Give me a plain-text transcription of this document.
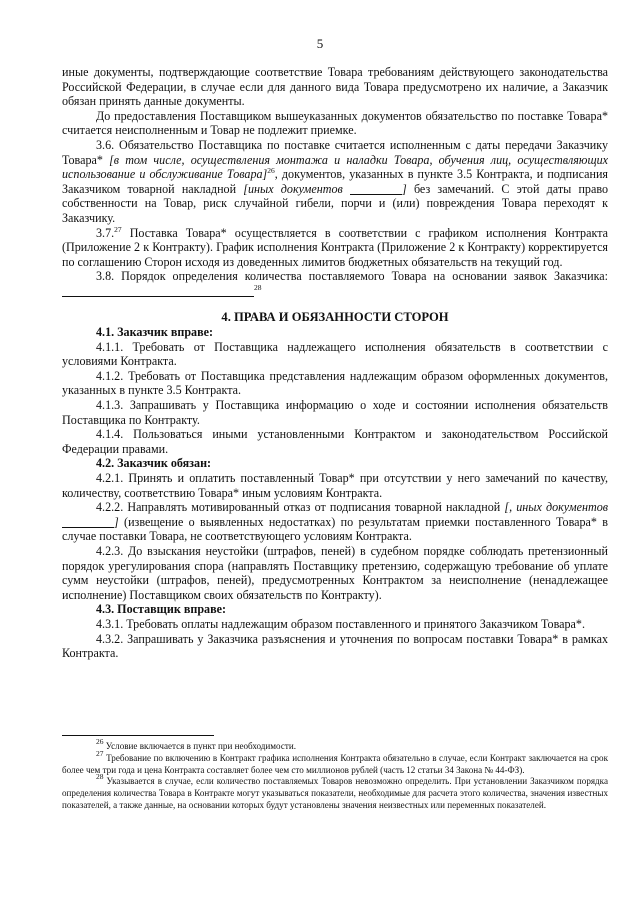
5

иные документы, подтверждающие соответствие Товара требованиям действующего законодательства Российской Федерации, в случае если для данного вида Товара предусмотрено их наличие, а Заказчик обязан принять данные документы.

До предоставления Поставщиком вышеуказанных документов обязательство по поставке Товара* считается неисполненным и Товар не подлежит приемке.

3.6. Обязательство Поставщика по поставке считается исполненным с даты передачи Заказчику Товара* [в том числе, осуществления монтажа и наладки Товара, обучения лиц, осуществляющих использование и обслуживание Товара]$^{26}$, документов, указанных в пункте 3.5 Контракта, и подписания Заказчиком товарной накладной [иных документов	] без замечаний. С этой даты право собственности на Товар, риск случайной гибели, порчи и (или) повреждения Товара переходят к Заказчику.

3.7.27 Поставка Товара* осуществляется в соответствии с графиком исполнения Контракта (Приложение 2 к Контракту). График исполнения Контракта (Приложение 2 к Контракту) корректируется по соглашению Сторон исходя из доведенных лимитов бюджетных обязательств на текущий год.

3.8. Порядок определения количества поставляемого Товара на основании заявок Заказчика: $^{28}$

4. ПРАВА И ОБЯЗАННОСТИ СТОРОН

4.1. Заказчик вправе:

4.1.1. Требовать от Поставщика надлежащего исполнения обязательств в соответствии с условиями Контракта.

4.1.2. Требовать от Поставщика представления надлежащим образом оформленных документов, указанных в пункте 3.5 Контракта.

4.1.3. Запрашивать у Поставщика информацию о ходе и состоянии исполнения обязательств Поставщика по Контракту.

4.1.4. Пользоваться иными установленными Контрактом и законодательством Российской Федерации правами.

4.2. Заказчик обязан:

4.2.1. Принять и оплатить поставленный Товар* при отсутствии у него замечаний по качеству, количеству, соответствию Товара* иным условиям Контракта.

4.2.2. Направлять мотивированный отказ от подписания товарной накладной [, иных документов] (извещение о выявленных недостатках) по результатам приемки поставленного Товара* в случае поставки Товара, не соответствующего условиям Контракта.

4.2.3. До взыскания неустойки (штрафов, пеней) в судебном порядке соблюдать претензионный порядок урегулирования спора (направлять Поставщику претензию, содержащую требование об уплате сумм неустойки (штрафов, пеней), предусмотренных Контрактом за неисполнение (ненадлежащее исполнение) Поставщиком своих обязательств по Контракту).

4.3. Поставщик вправе:

4.3.1. Требовать оплаты надлежащим образом поставленного и принятого Заказчиком Товара*.

4.3.2. Запрашивать у Заказчика разъяснения и уточнения по вопросам поставки Товара* в рамках Контракта.

$^{26}$ Условие включается в пункт при необходимости.

$^{27}$ Требование по включению в Контракт графика исполнения Контракта обязательно в случае, если Контракт заключается на срок более чем три года и цена Контракта составляет более чем сто миллионов рублей (часть 12 статьи 34 Закона № 44-ФЗ).

$^{28}$ Указывается в случае, если количество поставляемых Товаров невозможно определить. При установлении Заказчиком порядка определения количества Товара в Контракте могут указываться показатели, необходимые для расчета этого количества, значения известных показателей, а также данные, на основании которых будут установлены значения неизвестных или переменных показателей.
